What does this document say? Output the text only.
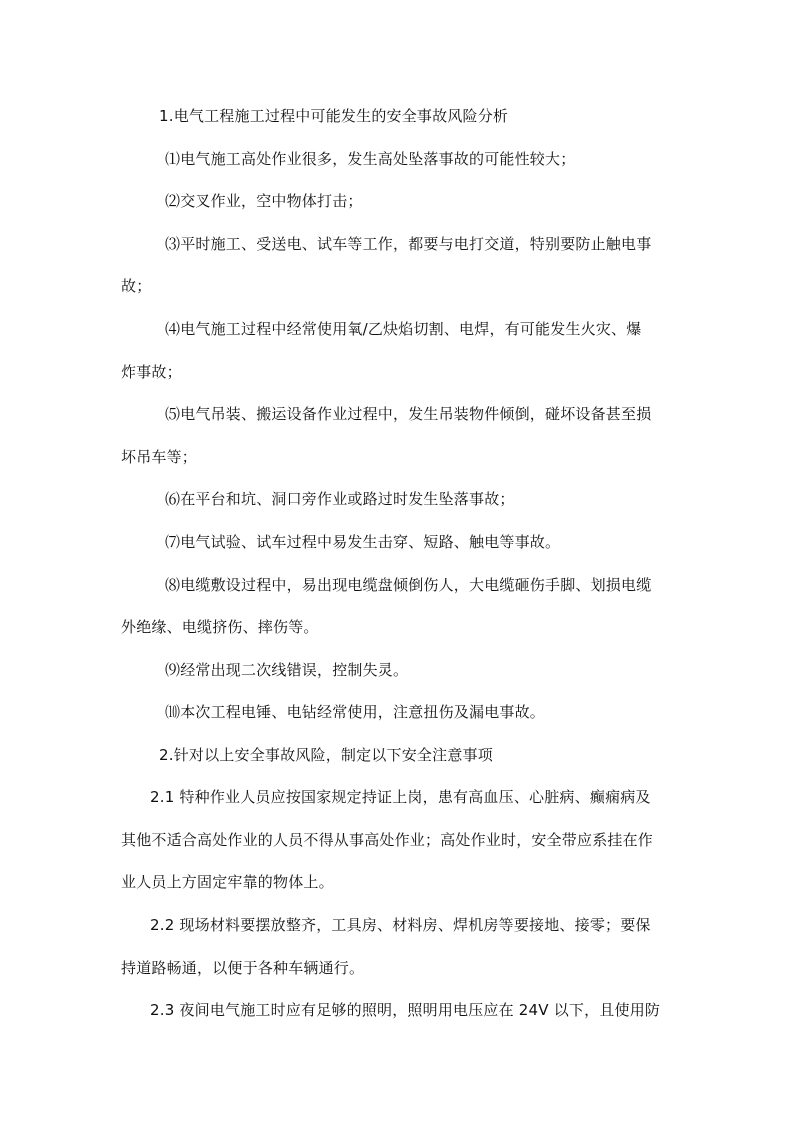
1.电气工程施工过程中可能发生的安全事故风险分析
⑴电气施工高处作业很多，发生高处坠落事故的可能性较大；
⑵交叉作业，空中物体打击；
⑶平时施工、受送电、试车等工作，都要与电打交道，特别要防止触电事
故；
⑷电气施工过程中经常使用氧/乙炔焰切割、电焊，有可能发生火灾、爆
炸事故；
⑸电气吊装、搬运设备作业过程中，发生吊装物件倾倒，碰坏设备甚至损
坏吊车等；
⑹在平台和坑、洞口旁作业或路过时发生坠落事故；
⑺电气试验、试车过程中易发生击穿、短路、触电等事故。
⑻电缆敷设过程中，易出现电缆盘倾倒伤人，大电缆砸伤手脚、划损电缆
外绝缘、电缆挤伤、摔伤等。
⑼经常出现二次线错误，控制失灵。
⑽本次工程电锤、电钻经常使用，注意扭伤及漏电事故。
2.针对以上安全事故风险，制定以下安全注意事项
2.1 特种作业人员应按国家规定持证上岗，患有高血压、心脏病、癫痫病及
其他不适合高处作业的人员不得从事高处作业；高处作业时，安全带应系挂在作
业人员上方固定牢靠的物体上。
2.2 现场材料要摆放整齐，工具房、材料房、焊机房等要接地、接零；要保
持道路畅通，以便于各种车辆通行。
2.3 夜间电气施工时应有足够的照明，照明用电压应在 24V 以下，且使用防
